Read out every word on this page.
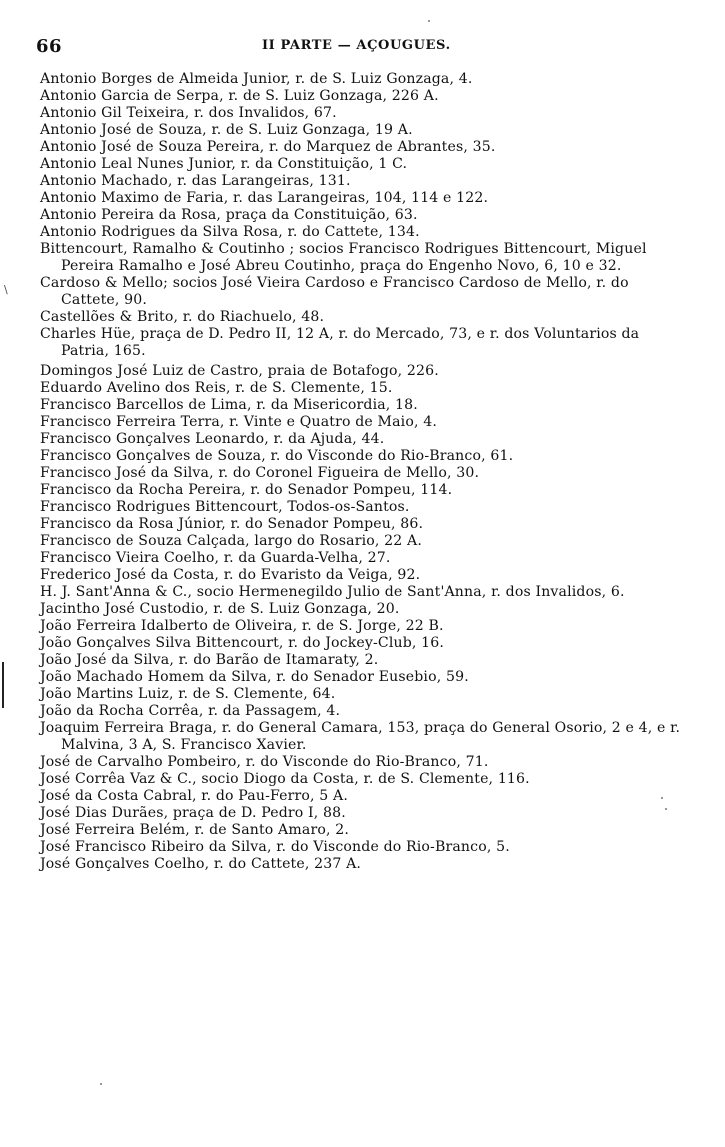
66	II PARTE — AÇOUGUES.
\
Antonio Borges de Almeida Junior, r. de S. Luiz Gonzaga, 4.
Antonio Garcia de Serpa, r. de S. Luiz Gonzaga, 226 A.
Antonio Gil Teixeira, r. dos Invalidos, 67.
Antonio José de Souza, r. de S. Luiz Gonzaga, 19 A.
Antonio José de Souza Pereira, r. do Marquez de Abrantes, 35.
Antonio Leal Nunes Junior, r. da Constituição, 1 C.
Antonio Machado, r. das Larangeiras, 131.
Antonio Maximo de Faria, r. das Larangeiras, 104, 114 e 122.
Antonio Pereira da Rosa, praça da Constituição, 63.
Antonio Rodrigues da Silva Rosa, r. do Cattete, 134.
Bittencourt, Ramalho & Coutinho ; socios Francisco Rodrigues Bittencourt, Miguel Pereira Ramalho e José Abreu Coutinho, praça do Engenho Novo, 6, 10 e 32.
Cardoso & Mello; socios José Vieira Cardoso e Francisco Cardoso de Mello, r. do Cattete, 90.
Castellões & Brito, r. do Riachuelo, 48.
Charles Hüe, praça de D. Pedro II, 12 A, r. do Mercado, 73, e r. dos Voluntarios da Patria, 165.
Domingos José Luiz de Castro, praia de Botafogo, 226.
Eduardo Avelino dos Reis, r. de S. Clemente, 15.
Francisco Barcellos de Lima, r. da Misericordia, 18.
Francisco Ferreira Terra, r. Vinte e Quatro de Maio, 4.
Francisco Gonçalves Leonardo, r. da Ajuda, 44.
Francisco Gonçalves de Souza, r. do Visconde do Rio-Branco, 61.
Francisco José da Silva, r. do Coronel Figueira de Mello, 30.
Francisco da Rocha Pereira, r. do Senador Pompeu, 114.
Francisco Rodrigues Bittencourt, Todos-os-Santos.
Francisco da Rosa Júnior, r. do Senador Pompeu, 86.
Francisco de Souza Calçada, largo do Rosario, 22 A.
Francisco Vieira Coelho, r. da Guarda-Velha, 27.
Frederico José da Costa, r. do Evaristo da Veiga, 92.
H. J. Sant'Anna & C., socio Hermenegildo Julio de Sant'Anna, r. dos Invalidos, 6.
Jacintho José Custodio, r. de S. Luiz Gonzaga, 20.
João Ferreira Idalberto de Oliveira, r. de S. Jorge, 22 B.
João Gonçalves Silva Bittencourt, r. do Jockey-Club, 16.
João José da Silva, r. do Barão de Itamaraty, 2.
João Machado Homem da Silva, r. do Senador Eusebio, 59.
João Martins Luiz, r. de S. Clemente, 64.
João da Rocha Corrêa, r. da Passagem, 4.
Joaquim Ferreira Braga, r. do General Camara, 153, praça do General Osorio, 2 e 4, e r. Malvina, 3 A, S. Francisco Xavier.
José de Carvalho Pombeiro, r. do Visconde do Rio-Branco, 71.
José Corrêa Vaz & C., socio Diogo da Costa, r. de S. Clemente, 116.
José da Costa Cabral, r. do Pau-Ferro, 5 A.
José Dias Durães, praça de D. Pedro I, 88.
José Ferreira Belém, r. de Santo Amaro, 2.
José Francisco Ribeiro da Silva, r. do Visconde do Rio-Branco, 5.
José Gonçalves Coelho, r. do Cattete, 237 A.
